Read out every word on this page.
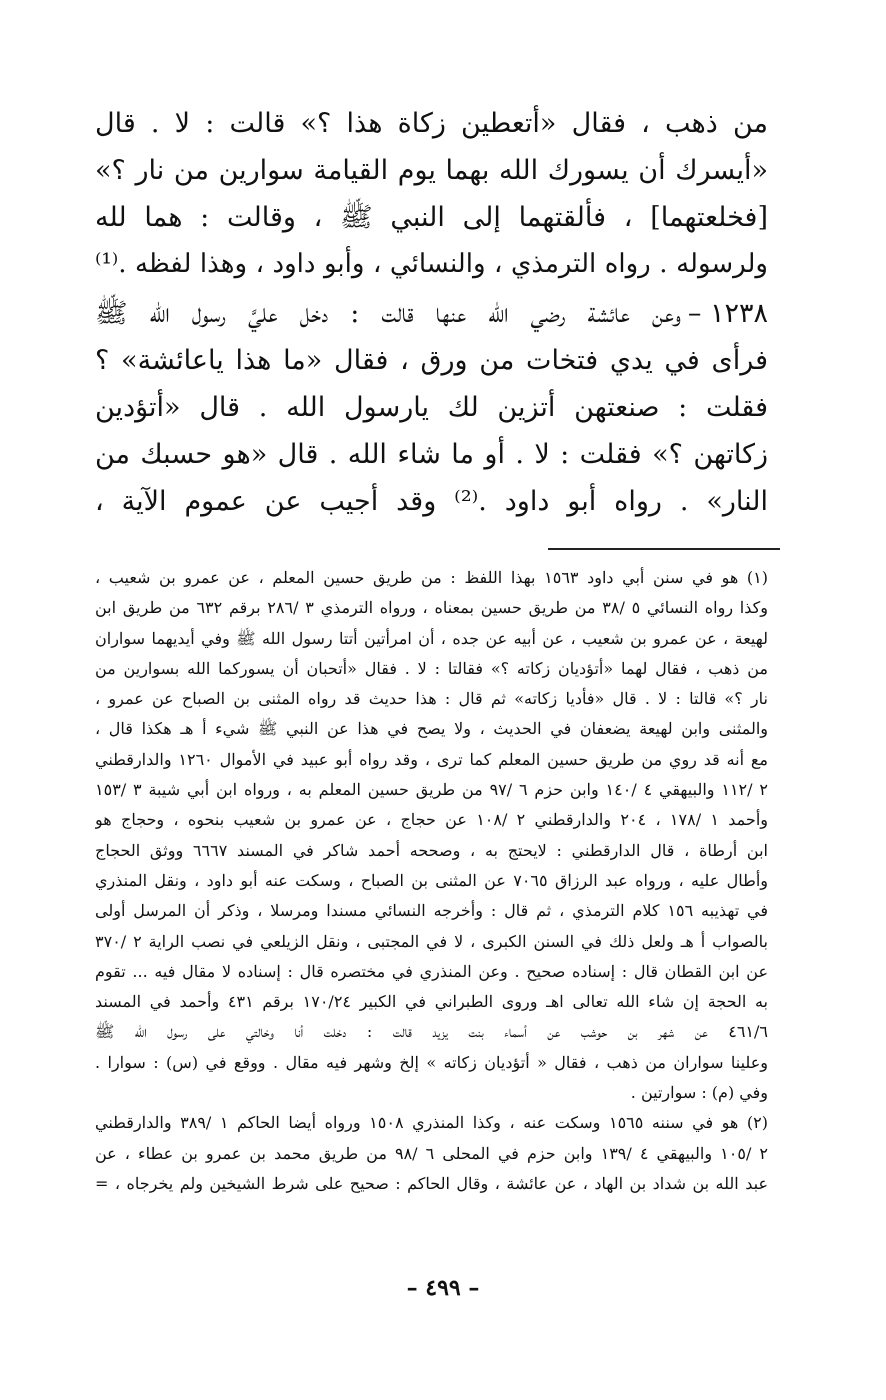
من ذهب ، فقال «أتعطين زكاة هذا ؟» قالت : لا . قال
«أيسرك أن يسورك الله بهما يوم القيامة سوارين من نار ؟»
[فخلعتهما] ، فألقتهما إلى النبي ﷺ ، وقالت : هما لله
ولرسوله . رواه الترمذي ، والنسائي ، وأبو داود ، وهذا لفظه .⁽¹⁾
١٢٣٨ –
وعن عائشة رضي الله عنها قالت : دخل عليَّ رسول الله ﷺ
فرأى في يدي فتخات من ورق ، فقال «ما هذا ياعائشة» ؟
فقلت : صنعتهن أتزين لك يارسول الله . قال «أتؤدين
زكاتهن ؟» فقلت : لا . أو ما شاء الله . قال «هو حسبك من
النار» . رواه أبو داود .⁽²⁾ وقد أجيب عن عموم الآية ،
(١) هو في سنن أبي داود ١٥٦٣ بهذا اللفظ : من طريق حسين المعلم ، عن عمرو بن شعيب ،
وكذا رواه النسائي ٥ /٣٨ من طريق حسين بمعناه ، ورواه الترمذي ٣ /٢٨٦ برقم ٦٣٢ من طريق ابن
لهيعة ، عن عمرو بن شعيب ، عن أبيه عن جده ، أن امرأتين أتتا رسول الله ﷺ وفي أيديهما سواران
من ذهب ، فقال لهما «أتؤديان زكاته ؟» فقالتا : لا . فقال «أتحبان أن يسوركما الله بسوارين من
نار ؟» قالتا : لا . قال «فأديا زكاته» ثم قال : هذا حديث قد رواه المثنى بن الصباح عن عمرو ،
والمثنى وابن لهيعة يضعفان في الحديث ، ولا يصح في هذا عن النبي ﷺ شيء أ هـ هكذا قال ،
مع أنه قد روي من طريق حسين المعلم كما ترى ، وقد رواه أبو عبيد في الأموال ١٢٦٠ والدارقطني
٢ /١١٢ والبيهقي ٤ /١٤٠ وابن حزم ٦ /٩٧ من طريق حسين المعلم به ، ورواه ابن أبي شيبة ٣ /١٥٣
وأحمد ١ /١٧٨ ، ٢٠٤ والدارقطني ٢ /١٠٨ عن حجاج ، عن عمرو بن شعيب بنحوه ، وحجاج هو
ابن أرطاة ، قال الدارقطني : لايحتج به ، وصححه أحمد شاكر في المسند ٦٦٦٧ ووثق الحجاج
وأطال عليه ، ورواه عبد الرزاق ٧٠٦٥ عن المثنى بن الصباح ، وسكت عنه أبو داود ، ونقل المنذري
في تهذيبه ١٥٦ كلام الترمذي ، ثم قال : وأخرجه النسائي مسندا ومرسلا ، وذكر أن المرسل أولى
بالصواب أ هـ ولعل ذلك في السنن الكبرى ، لا في المجتبى ، ونقل الزيلعي في نصب الراية ٢ /٣٧٠
عن ابن القطان قال : إسناده صحيح . وعن المنذري في مختصره قال : إسناده لا مقال فيه ... تقوم
به الحجة إن شاء الله تعالى اهـ وروى الطبراني في الكبير ١٧٠/٢٤ برقم ٤٣١ وأحمد في المسند
٤٦١/٦ عن شهر بن حوشب عن أسماء بنت يزيد قالت : دخلت أنا وخالتي على رسول الله ﷺ
وعلينا سواران من ذهب ، فقال « أتؤديان زكاته » إلخ وشهر فيه مقال . ووقع في (س) : سوارا .
وفي (م) : سوارتين .
(٢) هو في سننه ١٥٦٥ وسكت عنه ، وكذا المنذري ١٥٠٨ ورواه أيضا الحاكم ١ /٣٨٩ والدارقطني
٢ /١٠٥ والبيهقي ٤ /١٣٩ وابن حزم في المحلى ٦ /٩٨ من طريق محمد بن عمرو بن عطاء ، عن
عبد الله بن شداد بن الهاد ، عن عائشة ، وقال الحاكم : صحيح على شرط الشيخين ولم يخرجاه ، =
– ٤٩٩ –
